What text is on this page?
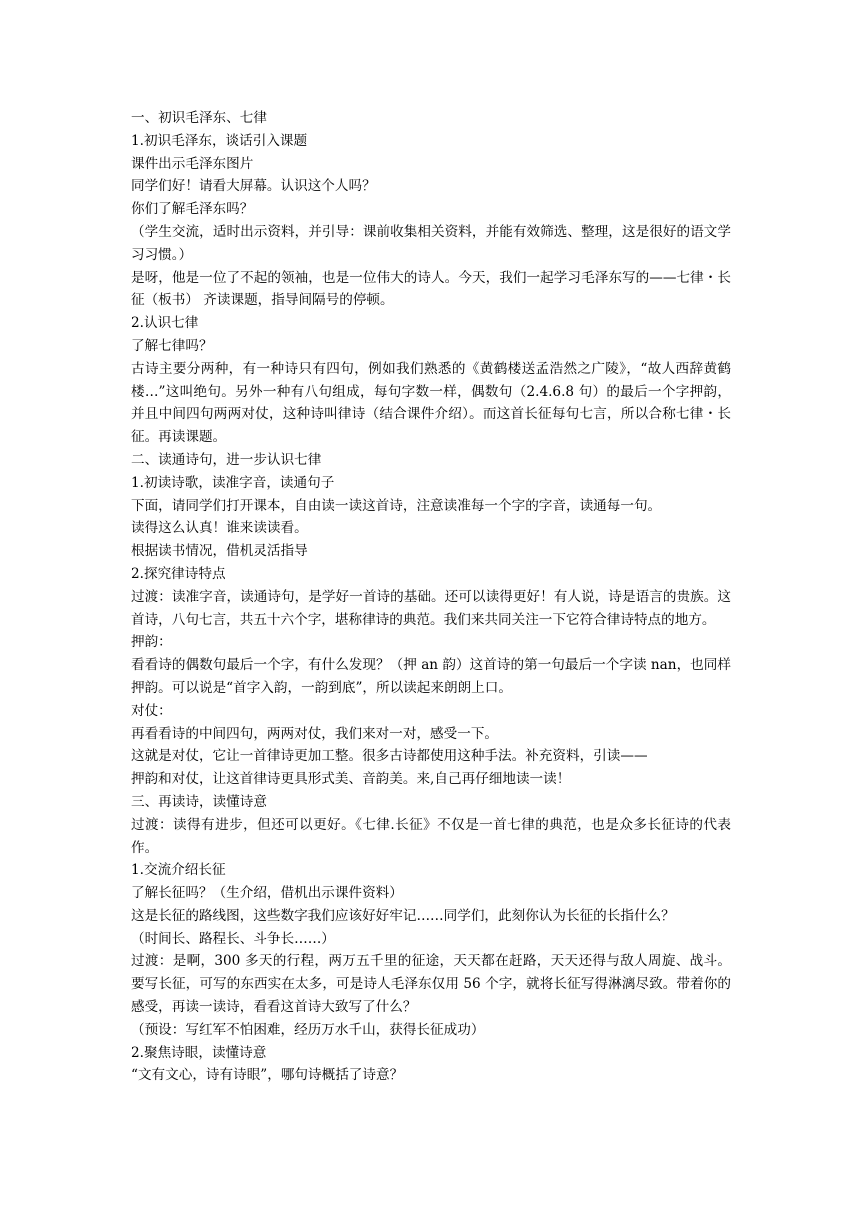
一、初识毛泽东、七律
1.初识毛泽东，谈话引入课题
课件出示毛泽东图片
同学们好！请看大屏幕。认识这个人吗？
你们了解毛泽东吗？
（学生交流，适时出示资料，并引导：课前收集相关资料，并能有效筛选、整理，这是很好的语文学习习惯。）
是呀，他是一位了不起的领袖，也是一位伟大的诗人。今天，我们一起学习毛泽东写的——七律・长征（板书） 齐读课题，指导间隔号的停顿。
2.认识七律
了解七律吗？
古诗主要分两种，有一种诗只有四句，例如我们熟悉的《黄鹤楼送孟浩然之广陵》，“故人西辞黄鹤楼…”这叫绝句。另外一种有八句组成，每句字数一样，偶数句（2.4.6.8 句）的最后一个字押韵，并且中间四句两两对仗，这种诗叫律诗（结合课件介绍）。而这首长征每句七言，所以合称七律・长征。再读课题。
二、读通诗句，进一步认识七律
1.初读诗歌，读准字音，读通句子
下面，请同学们打开课本，自由读一读这首诗，注意读准每一个字的字音，读通每一句。
读得这么认真！谁来读读看。
根据读书情况，借机灵活指导
2.探究律诗特点
过渡：读准字音，读通诗句，是学好一首诗的基础。还可以读得更好！有人说，诗是语言的贵族。这首诗，八句七言，共五十六个字，堪称律诗的典范。我们来共同关注一下它符合律诗特点的地方。
押韵：
看看诗的偶数句最后一个字，有什么发现？（押 an 韵）这首诗的第一句最后一个字读 nan，也同样押韵。可以说是“首字入韵，一韵到底”，所以读起来朗朗上口。
对仗：
再看看诗的中间四句，两两对仗，我们来对一对，感受一下。
这就是对仗，它让一首律诗更加工整。很多古诗都使用这种手法。补充资料，引读——
押韵和对仗，让这首律诗更具形式美、音韵美。来,自己再仔细地读一读！
三、再读诗，读懂诗意
过渡：读得有进步，但还可以更好。《七律.长征》不仅是一首七律的典范，也是众多长征诗的代表作。
1.交流介绍长征
了解长征吗？（生介绍，借机出示课件资料）
这是长征的路线图，这些数字我们应该好好牢记……同学们，此刻你认为长征的长指什么？
（时间长、路程长、斗争长……）
过渡：是啊，300 多天的行程，两万五千里的征途，天天都在赶路，天天还得与敌人周旋、战斗。要写长征，可写的东西实在太多，可是诗人毛泽东仅用 56 个字，就将长征写得淋漓尽致。带着你的感受，再读一读诗，看看这首诗大致写了什么？
（预设：写红军不怕困难，经历万水千山，获得长征成功）
2.聚焦诗眼，读懂诗意
“文有文心，诗有诗眼”，哪句诗概括了诗意？
